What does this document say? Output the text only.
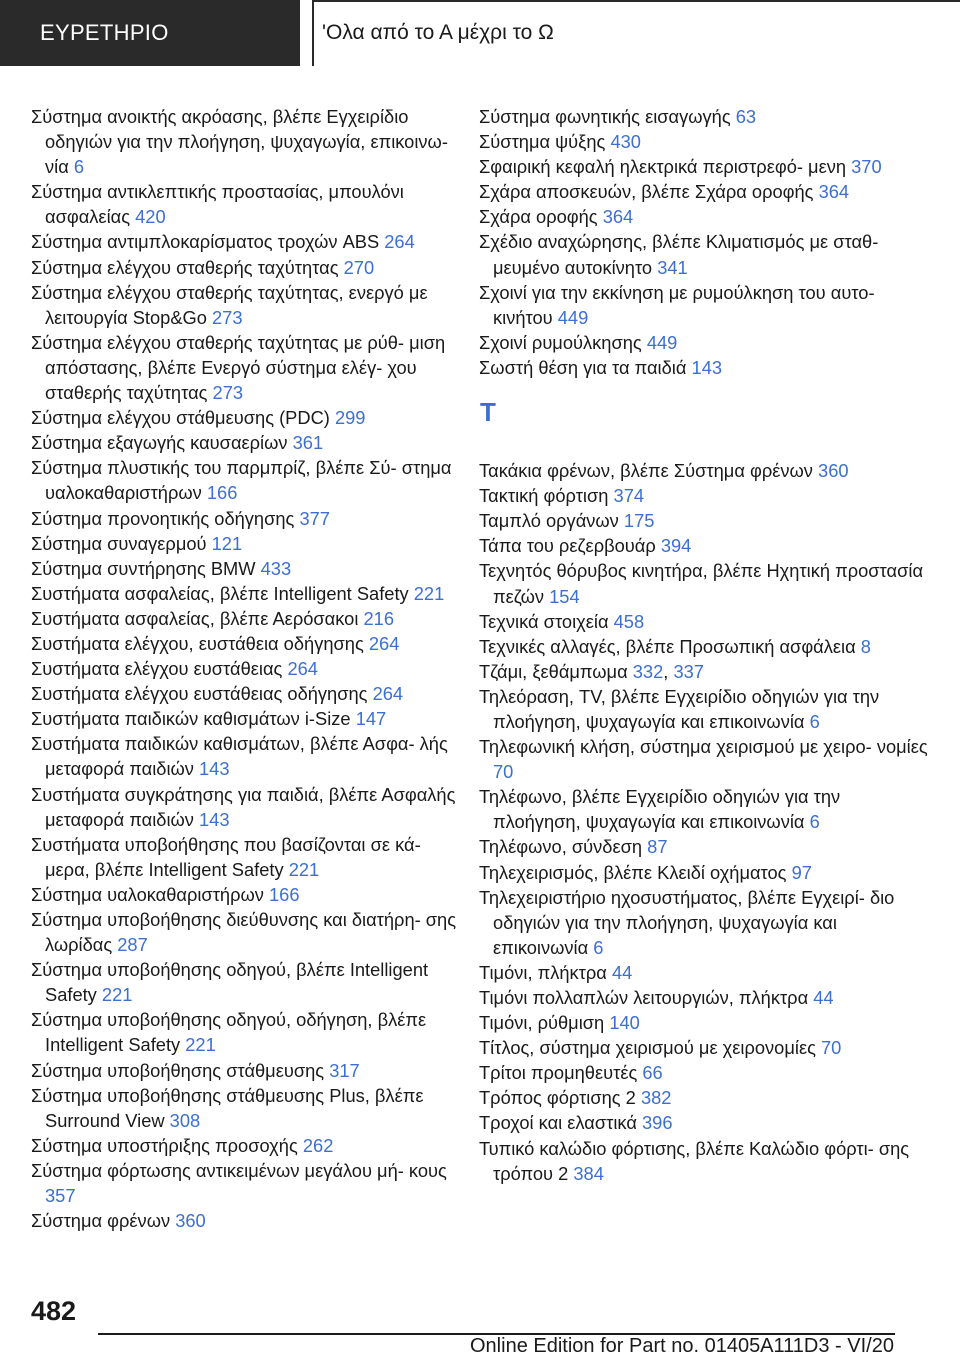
ΕΥΡΕΤΗΡΙΟ	'Ολα από το Α μέχρι το Ω

Σύστημα ανοικτής ακρόασης, βλέπε Εγχειρίδιο οδηγιών για την πλοήγηση, ψυχαγωγία, επικοινω‐ νία 6

Σύστημα αντικλεπτικής προστασίας, μπουλόνι ασφαλείας 420

Σύστημα αντιμπλοκαρίσματος τροχών ABS 264

Σύστημα ελέγχου σταθερής ταχύτητας 270

Σύστημα ελέγχου σταθερής ταχύτητας, ενεργό με λειτουργία Stop&Go 273

Σύστημα ελέγχου σταθερής ταχύτητας με ρύθ‐ μιση απόστασης, βλέπε Ενεργό σύστημα ελέγ‐ χου σταθερής ταχύτητας 273

Σύστημα ελέγχου στάθμευσης (PDC) 299

Σύστημα εξαγωγής καυσαερίων 361

Σύστημα πλυστικής του παρμπρίζ, βλέπε Σύ‐ στημα υαλοκαθαριστήρων 166

Σύστημα προνοητικής οδήγησης 377

Σύστημα συναγερμού 121

Σύστημα συντήρησης BMW 433

Συστήματα ασφαλείας, βλέπε Intelligent Safety 221

Συστήματα ασφαλείας, βλέπε Αερόσακοι 216

Συστήματα ελέγχου, ευστάθεια οδήγησης 264

Συστήματα ελέγχου ευστάθειας 264

Συστήματα ελέγχου ευστάθειας οδήγησης 264

Συστήματα παιδικών καθισμάτων i-Size 147

Συστήματα παιδικών καθισμάτων, βλέπε Ασφα‐ λής μεταφορά παιδιών 143

Συστήματα συγκράτησης για παιδιά, βλέπε Ασφαλής μεταφορά παιδιών 143

Συστήματα υποβοήθησης που βασίζονται σε κά‐ μερα, βλέπε Intelligent Safety 221

Σύστημα υαλοκαθαριστήρων 166

Σύστημα υποβοήθησης διεύθυνσης και διατήρη‐ σης λωρίδας 287

Σύστημα υποβοήθησης οδηγού, βλέπε Intelligent Safety 221

Σύστημα υποβοήθησης οδηγού, οδήγηση, βλέπε Intelligent Safety 221

Σύστημα υποβοήθησης στάθμευσης 317

Σύστημα υποβοήθησης στάθμευσης Plus, βλέπε Surround View 308

Σύστημα υποστήριξης προσοχής 262

Σύστημα φόρτωσης αντικειμένων μεγάλου μή‐ κους 357

Σύστημα φρένων 360

Σύστημα φωνητικής εισαγωγής 63

Σύστημα ψύξης 430

Σφαιρική κεφαλή ηλεκτρικά περιστρεφό‐ μενη 370

Σχάρα αποσκευών, βλέπε Σχάρα οροφής 364

Σχάρα οροφής 364

Σχέδιο αναχώρησης, βλέπε Κλιματισμός με σταθ‐ μευμένο αυτοκίνητο 341

Σχοινί για την εκκίνηση με ρυμούλκηση του αυτο‐ κινήτου 449

Σχοινί ρυμούλκησης 449

Σωστή θέση για τα παιδιά 143

T

Τακάκια φρένων, βλέπε Σύστημα φρένων 360

Τακτική φόρτιση 374

Ταμπλό οργάνων 175

Τάπα του ρεζερβουάρ 394

Τεχνητός θόρυβος κινητήρα, βλέπε Ηχητική προστασία πεζών 154

Τεχνικά στοιχεία 458

Τεχνικές αλλαγές, βλέπε Προσωπική ασφάλεια 8

Τζάμι, ξεθάμπωμα 332, 337

Τηλεόραση, TV, βλέπε Εγχειρίδιο οδηγιών για την πλοήγηση, ψυχαγωγία και επικοινωνία 6

Τηλεφωνική κλήση, σύστημα χειρισμού με χειρο‐ νομίες 70

Τηλέφωνο, βλέπε Εγχειρίδιο οδηγιών για την πλοήγηση, ψυχαγωγία και επικοινωνία 6

Τηλέφωνο, σύνδεση 87

Τηλεχειρισμός, βλέπε Κλειδί οχήματος 97

Τηλεχειριστήριο ηχοσυστήματος, βλέπε Εγχειρί‐ διο οδηγιών για την πλοήγηση, ψυχαγωγία και επικοινωνία 6

Τιμόνι, πλήκτρα 44

Τιμόνι πολλαπλών λειτουργιών, πλήκτρα 44

Τιμόνι, ρύθμιση 140

Τίτλος, σύστημα χειρισμού με χειρονομίες 70

Τρίτοι προμηθευτές 66

Τρόπος φόρτισης 2 382

Τροχοί και ελαστικά 396

Τυπικό καλώδιο φόρτισης, βλέπε Καλώδιο φόρτι‐ σης τρόπου 2 384

482
Online Edition for Part no. 01405A111D3 - VI/20
